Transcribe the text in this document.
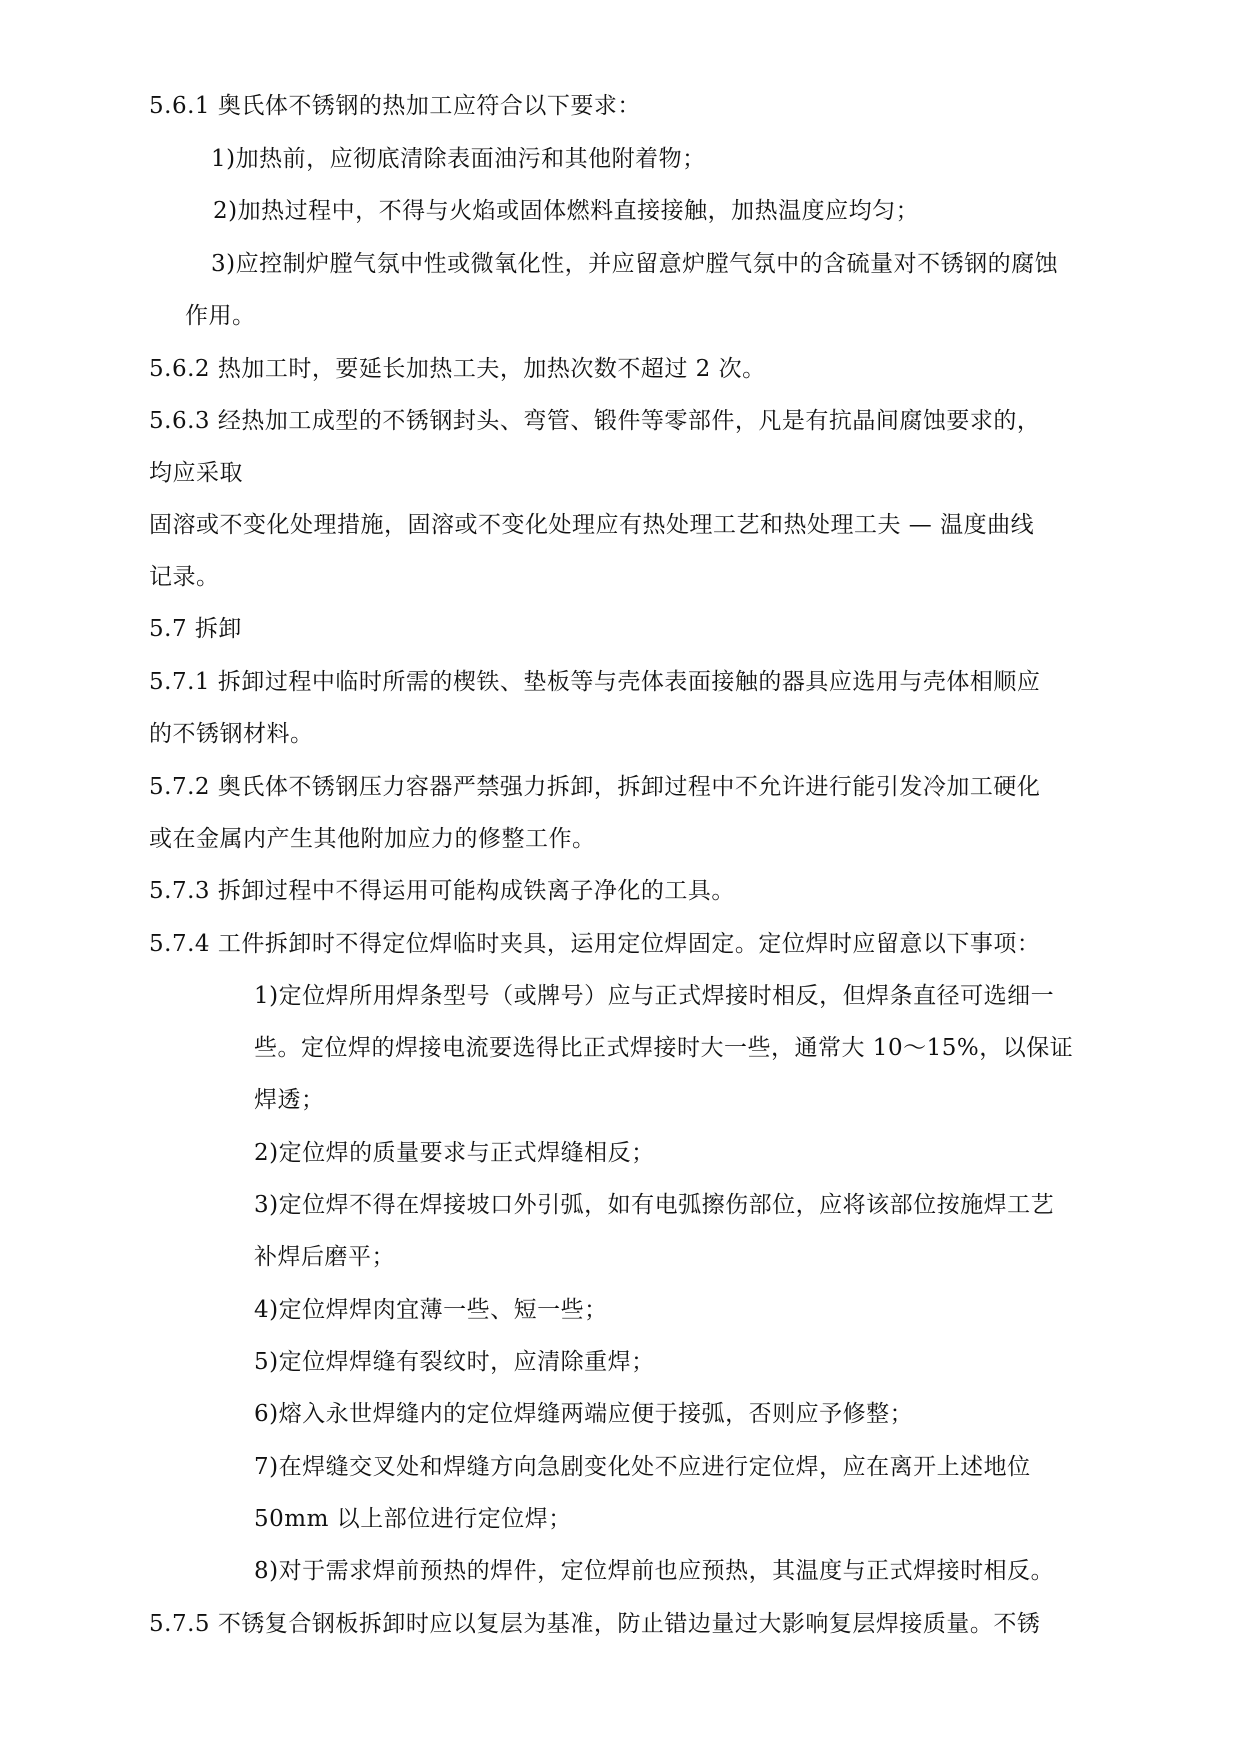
5.6.1 奥氏体不锈钢的热加工应符合以下要求：
1)加热前，应彻底清除表面油污和其他附着物；
2)加热过程中，不得与火焰或固体燃料直接接触，加热温度应均匀；
3)应控制炉膛气氛中性或微氧化性，并应留意炉膛气氛中的含硫量对不锈钢的腐蚀
作用。
5.6.2 热加工时，要延长加热工夫，加热次数不超过 2 次。
5.6.3 经热加工成型的不锈钢封头、弯管、锻件等零部件，凡是有抗晶间腐蚀要求的，
均应采取
固溶或不变化处理措施，固溶或不变化处理应有热处理工艺和热处理工夫 — 温度曲线
记录。
5.7 拆卸
5.7.1 拆卸过程中临时所需的楔铁、垫板等与壳体表面接触的器具应选用与壳体相顺应
的不锈钢材料。
5.7.2 奥氏体不锈钢压力容器严禁强力拆卸，拆卸过程中不允许进行能引发冷加工硬化
或在金属内产生其他附加应力的修整工作。
5.7.3 拆卸过程中不得运用可能构成铁离子净化的工具。
5.7.4 工件拆卸时不得定位焊临时夹具，运用定位焊固定。定位焊时应留意以下事项：
1)定位焊所用焊条型号（或牌号）应与正式焊接时相反，但焊条直径可选细一
些。定位焊的焊接电流要选得比正式焊接时大一些，通常大 10～15%，以保证
焊透；
2)定位焊的质量要求与正式焊缝相反；
3)定位焊不得在焊接坡口外引弧，如有电弧擦伤部位，应将该部位按施焊工艺
补焊后磨平；
4)定位焊焊肉宜薄一些、短一些；
5)定位焊焊缝有裂纹时，应清除重焊；
6)熔入永世焊缝内的定位焊缝两端应便于接弧，否则应予修整；
7)在焊缝交叉处和焊缝方向急剧变化处不应进行定位焊，应在离开上述地位
50mm 以上部位进行定位焊；
8)对于需求焊前预热的焊件，定位焊前也应预热，其温度与正式焊接时相反。
5.7.5 不锈复合钢板拆卸时应以复层为基准，防止错边量过大影响复层焊接质量。不锈
